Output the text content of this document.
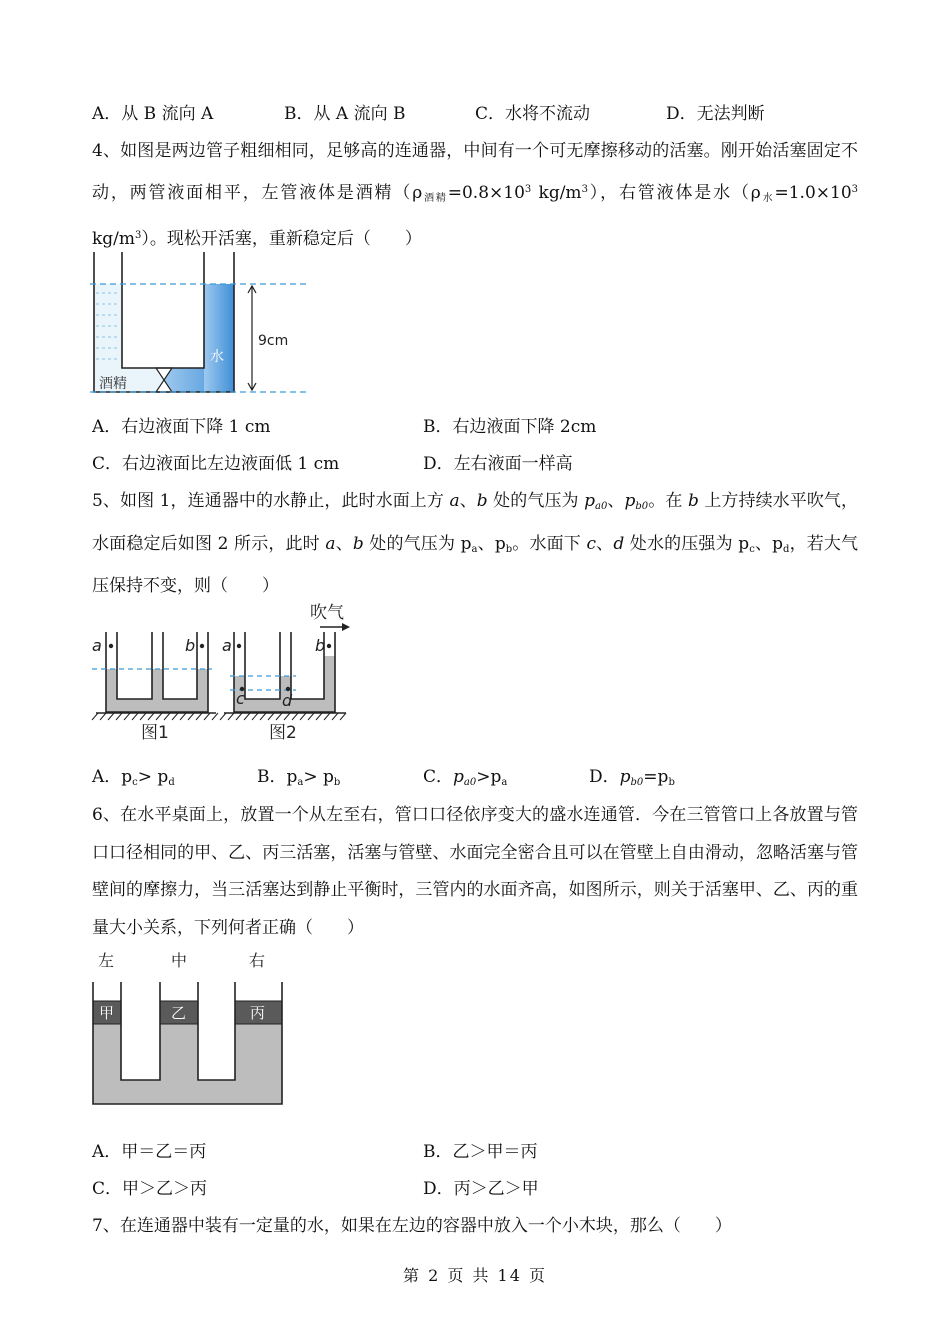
A．从 B 流向 A	B．从 A 流向 B	C．水将不流动	D．无法判断
4、如图是两边管子粗细相同，足够高的连通器，中间有一个可无摩擦移动的活塞。刚开始活塞固定不动，两管液面相平，左管液体是酒精（$\rho_{酒精}=0.8\times 10^3$ $kg/m^3$），右管液体是水（$\rho_水=1.0\times 10^3$ $kg/m^3$）。现松开活塞，重新稳定后（　　）
9cm
水
酒精
A．右边液面下降 1 cm	B．右边液面下降 2cm
C．右边液面比左边液面低 1 cm	D．左右液面一样高
5、如图 1，连通器中的水静止，此时水面上方 a、b 处的气压为 $p_{a0}$、$p_{b0}$。在 b 上方持续水平吹气，水面稳定后如图 2 所示，此时 a、b 处的气压为 $p_a$、$p_b$。水面下 c、d 处水的压强为 $p_c$、$p_d$，若大气压保持不变，则（　　）
a	b
图1
a	b
c d
吹气
图2
A．$p_c> p_d$	B．$p_a> p_b$	C．$p_{a0}>p_a$	D．$p_{b0}=p_b$
6、在水平桌面上，放置一个从左至右，管口口径依序变大的盛水连通管．今在三管管口上各放置与管口口径相同的甲、乙、丙三活塞，活塞与管壁、水面完全密合且可以在管壁上自由滑动，忽略活塞与管壁间的摩擦力，当三活塞达到静止平衡时，三管内的水面齐高，如图所示，则关于活塞甲、乙、丙的重量大小关系，下列何者正确（　　）
左	中	右
甲	乙	丙
A．甲＝乙＝丙	B．乙＞甲＝丙
C．甲＞乙＞丙	D．丙＞乙＞甲
7、在连通器中装有一定量的水，如果在左边的容器中放入一个小木块，那么（　　）
第 2 页 共 14 页
